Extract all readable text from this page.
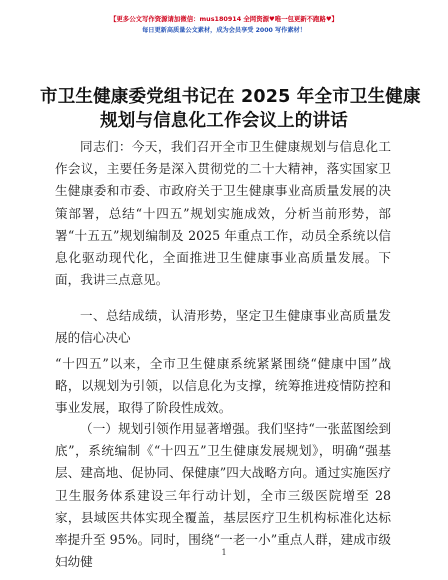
【更多公文写作资源请加微信：mus180914 全网资源♥唯一包更新不跑路♥】
每日更新高质量公文素材，成为会员享受 2000 写作素材！
市卫生健康委党组书记在 2025 年全市卫生健康
规划与信息化工作会议上的讲话
同志们：今天，我们召开全市卫生健康规划与信息化工作会议，主要任务是深入贯彻党的二十大精神，落实国家卫生健康委和市委、市政府关于卫生健康事业高质量发展的决策部署，总结“十四五”规划实施成效，分析当前形势，部署“十五五”规划编制及 2025 年重点工作，动员全系统以信息化驱动现代化，全面推进卫生健康事业高质量发展。下面，我讲三点意见。
一、总结成绩，认清形势，坚定卫生健康事业高质量发展的信心决心
“十四五”以来，全市卫生健康系统紧紧围绕“健康中国”战略，以规划为引领，以信息化为支撑，统筹推进疫情防控和事业发展，取得了阶段性成效。
（一）规划引领作用显著增强。我们坚持“一张蓝图绘到底”，系统编制《“十四五”卫生健康发展规划》，明确“强基层、建高地、促协同、保健康”四大战略方向。通过实施医疗卫生服务体系建设三年行动计划，全市三级医院增至 28 家，县域医共体实现全覆盖，基层医疗卫生机构标准化达标率提升至 95%。同时，围绕“一老一小”重点人群，建成市级妇幼健
1
